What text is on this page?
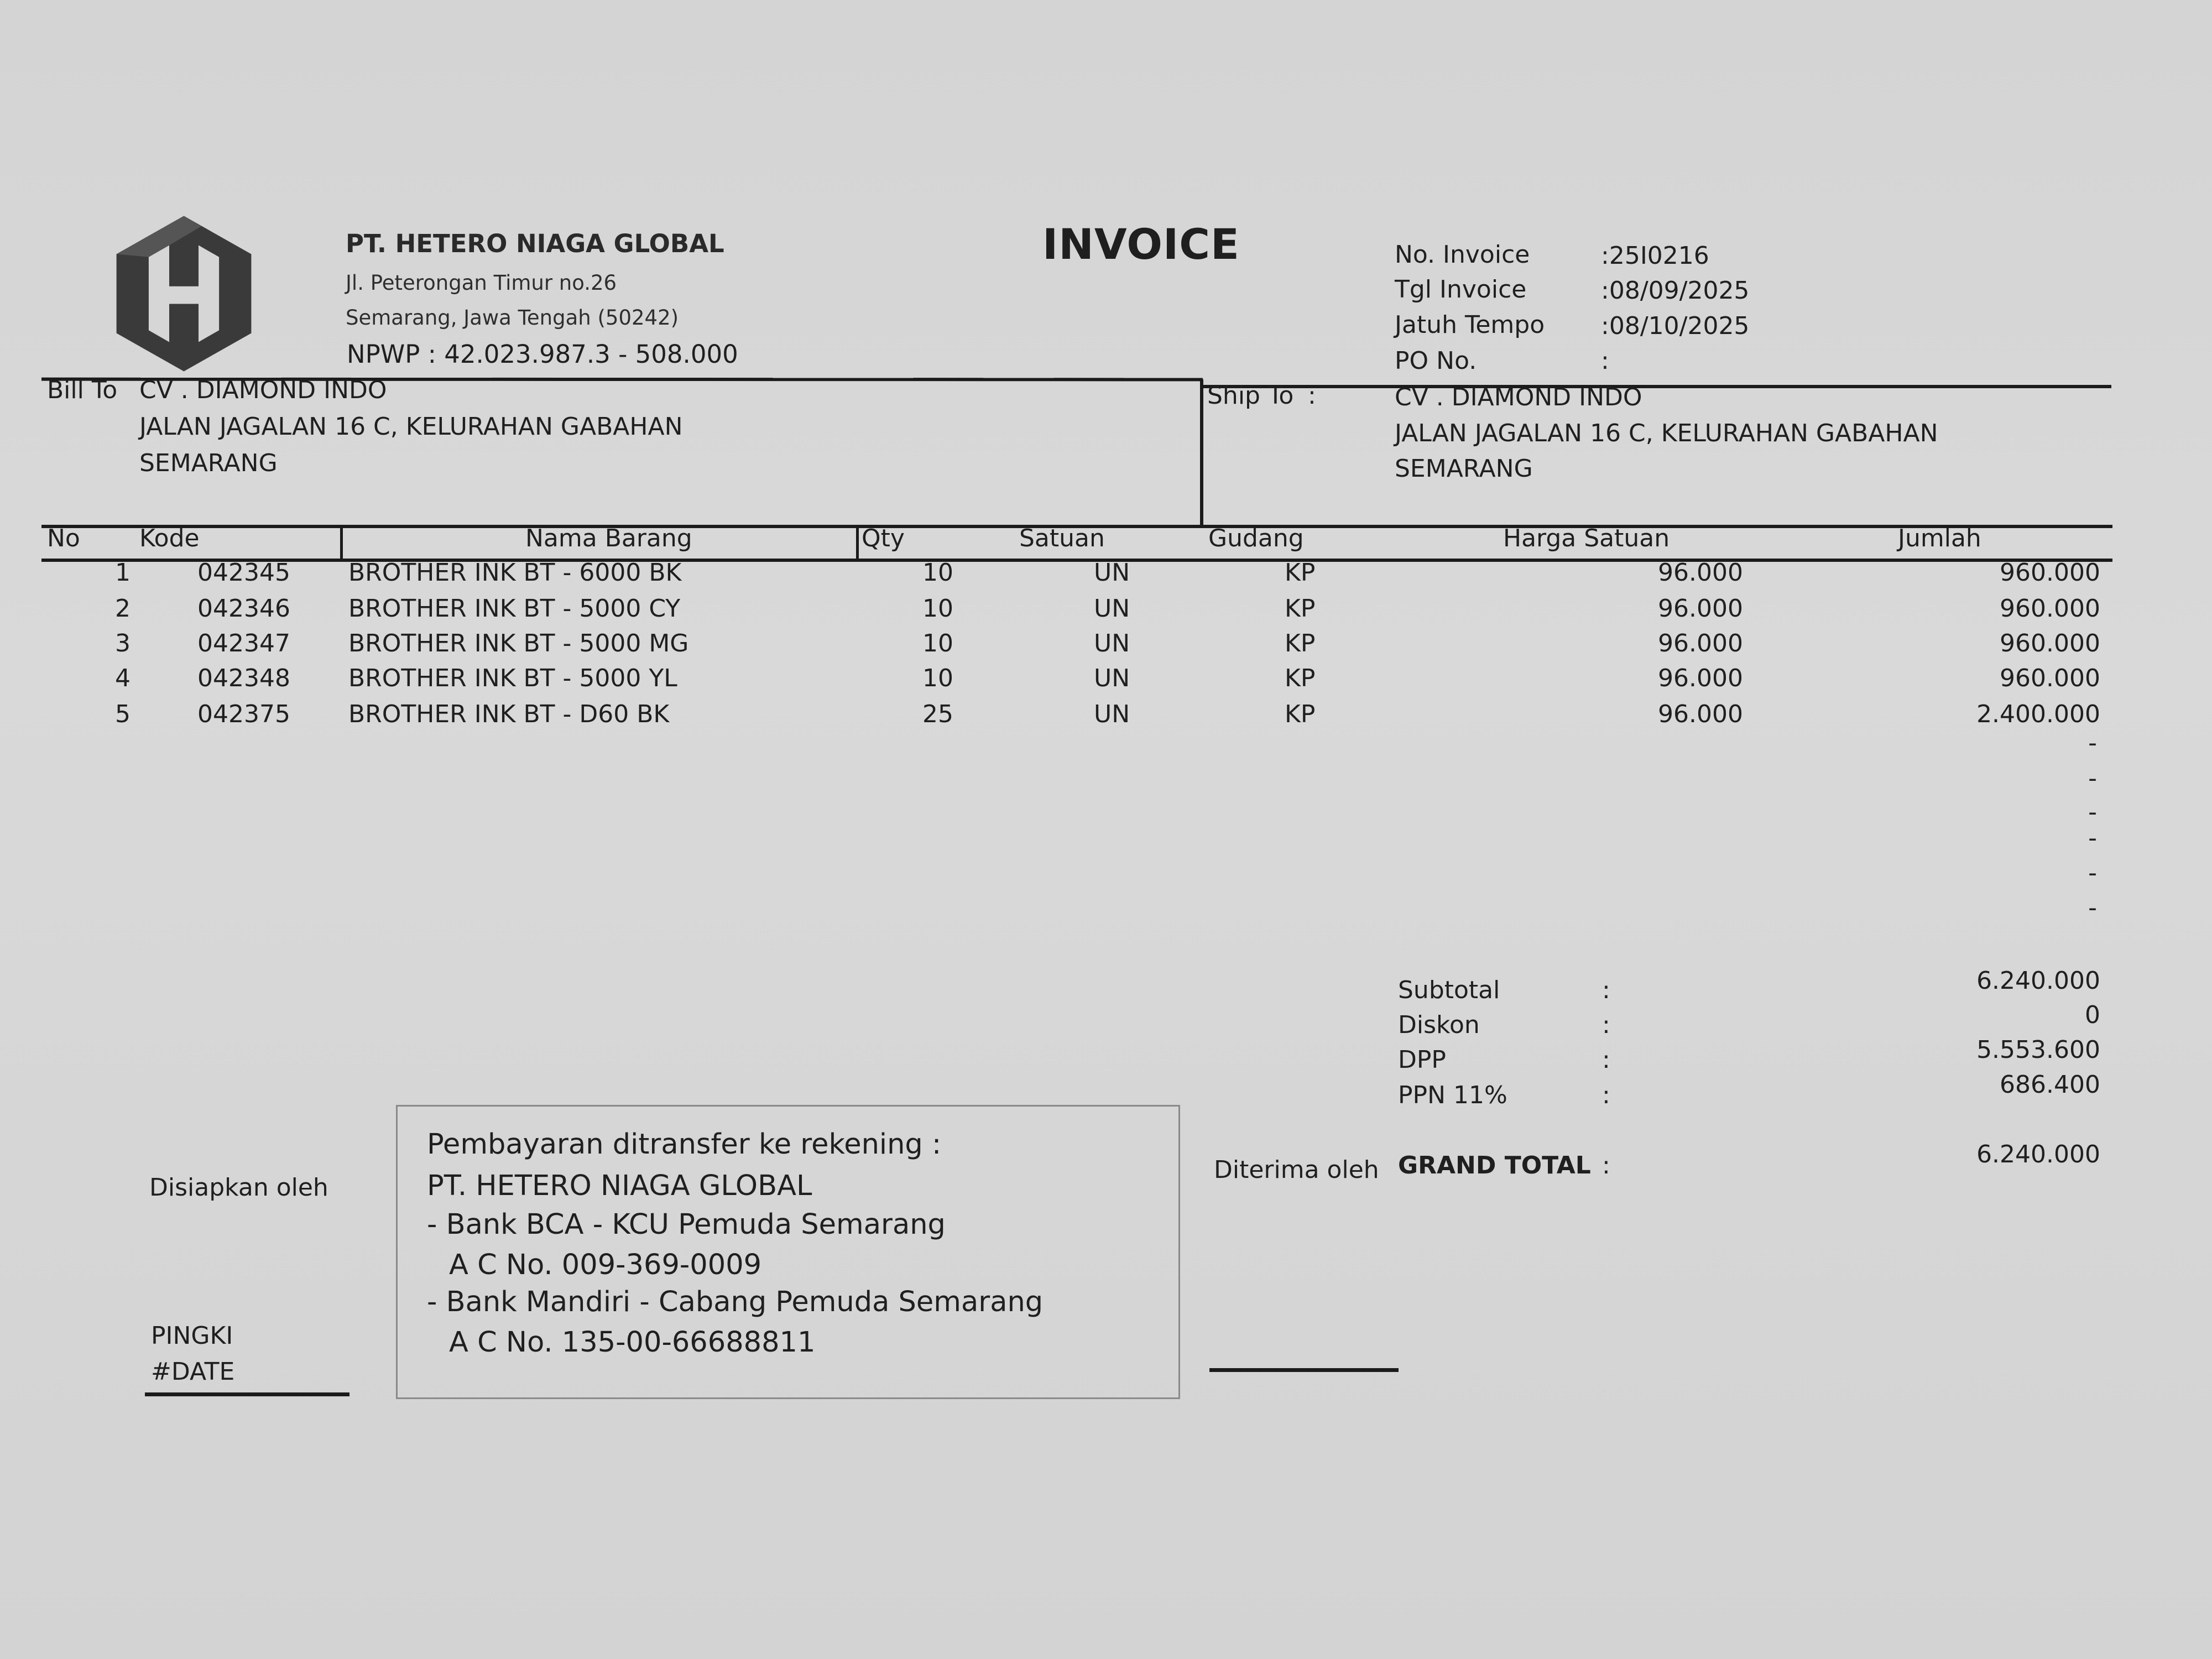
PT. HETERO NIAGA GLOBAL
Jl. Peterongan Timur no.26
Semarang, Jawa Tengah (50242)
NPWP : 42.023.987.3 - 508.000
INVOICE	No. Invoice	:25I0216
Tgl Invoice	:08/09/2025
Jatuh Tempo :08/10/2025
PO No.	:
Bill To CV . DIAMOND INDO
JALAN JAGALAN 16 C, KELURAHAN GABAHAN
SEMARANG
Ship To :	CV . DIAMOND INDO
JALAN JAGALAN 16 C, KELURAHAN GABAHAN
SEMARANG
No Kode	Nama Barang	Qty	Satuan	Gudang	Harga Satuan	Jumlah
1	042345 BROTHER INK BT - 6000 BK	10	UN	KP	96.000	960.000
2	042346 BROTHER INK BT - 5000 CY	10	UN	KP	96.000	960.000
3	042347 BROTHER INK BT - 5000 MG	10	UN	KP	96.000	960.000
4	042348 BROTHER INK BT - 5000 YL	10	UN	KP	96.000	960.000
5	042375 BROTHER INK BT - D60 BK	25	UN	KP	96.000	2.400.000
-
-
-
-
-
-
Subtotal	:	6.240.000
Diskon	:	0
DPP	:	5.553.600
PPN 11%	:	686.400
GRAND TOTAL :	6.240.000
Disiapkan oleh
PINGKI
#DATE
Diterima oleh
Pembayaran ditransfer ke rekening :
PT. HETERO NIAGA GLOBAL
- Bank BCA - KCU Pemuda Semarang
A C No. 009-369-0009
- Bank Mandiri - Cabang Pemuda Semarang
A C No. 135-00-66688811
